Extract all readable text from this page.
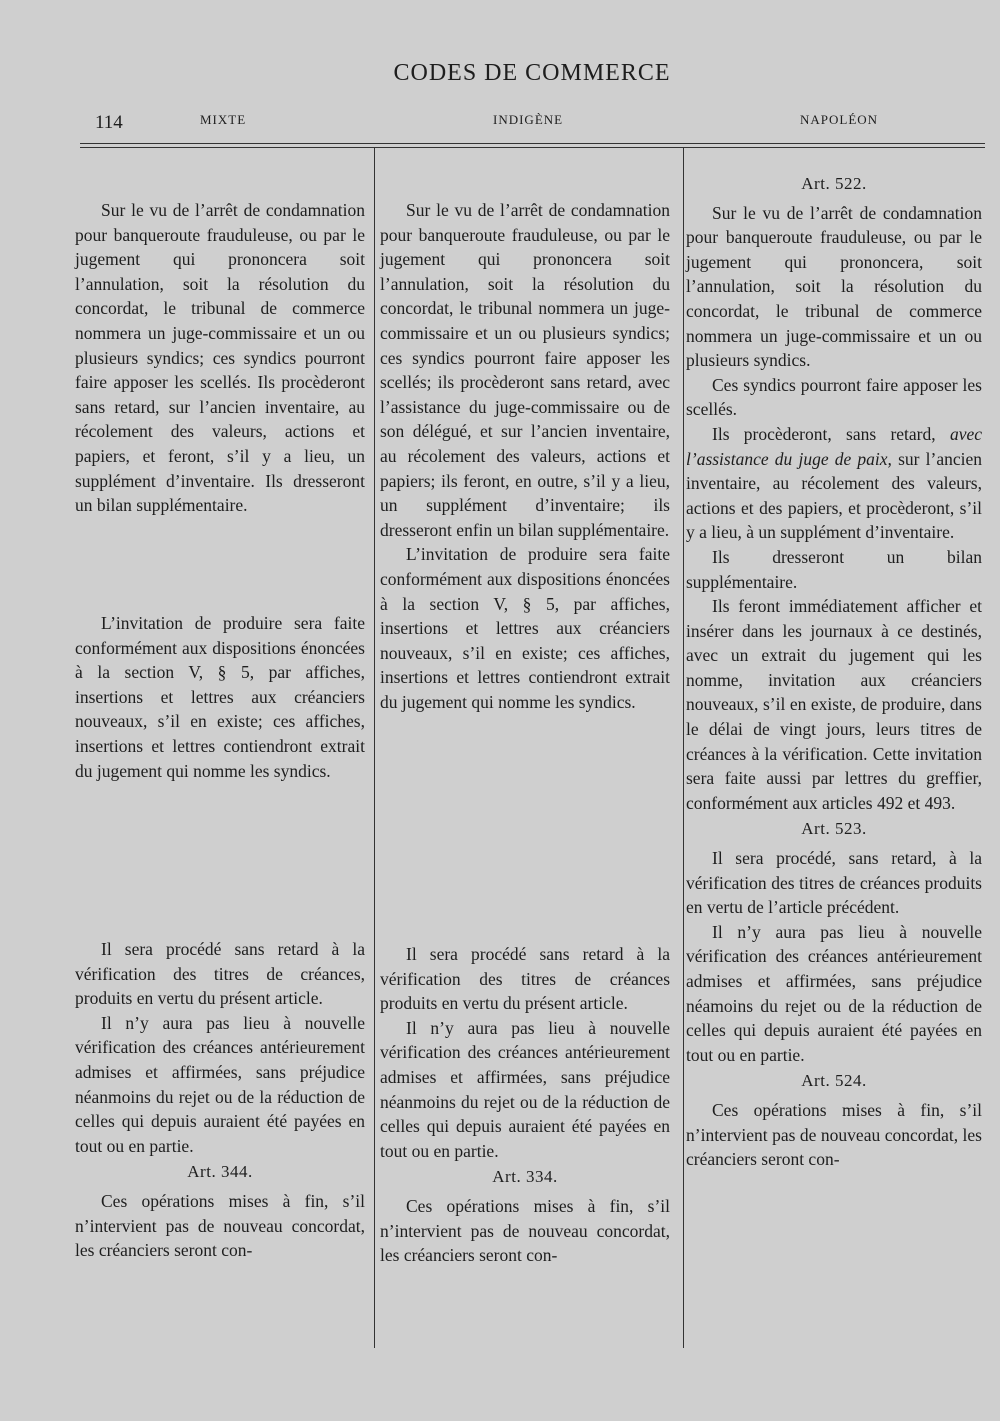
CODES DE COMMERCE
114	MIXTE	INDIGÈNE	NAPOLÉON

Sur le vu de l’arrêt de condamnation pour banqueroute frauduleuse, ou par le jugement qui prononcera soit l’annulation, soit la résolution du concordat, le tribunal de commerce nommera un juge-commissaire et un ou plusieurs syndics; ces syndics pourront faire apposer les scellés. Ils procèderont sans retard, sur l’ancien inventaire, au récolement des valeurs, actions et papiers, et feront, s’il y a lieu, un supplément d’inventaire. Ils dresseront un bilan supplémentaire.

L’invitation de produire sera faite conformément aux dispositions énoncées à la section V, § 5, par affiches, insertions et lettres aux créanciers nouveaux, s’il en existe; ces affiches, insertions et lettres contiendront extrait du jugement qui nomme les syndics.

Il sera procédé sans retard à la vérification des titres de créances, produits en vertu du présent article.

Il n’y aura pas lieu à nouvelle vérification des créances antérieurement admises et affirmées, sans préjudice néanmoins du rejet ou de la réduction de celles qui depuis auraient été payées en tout ou en partie.

Art. 344.

Ces opérations mises à fin, s’il n’intervient pas de nouveau concordat, les créanciers seront con-

Sur le vu de l’arrêt de condamnation pour banqueroute frauduleuse, ou par le jugement qui prononcera soit l’annulation, soit la résolution du concordat, le tribunal nommera un juge-commissaire et un ou plusieurs syndics; ces syndics pourront faire apposer les scellés; ils procèderont sans retard, avec l’assistance du juge-commissaire ou de son délégué, et sur l’ancien inventaire, au récolement des valeurs, actions et papiers; ils feront, en outre, s’il y a lieu, un supplément d’inventaire; ils dresseront enfin un bilan supplémentaire.

L’invitation de produire sera faite conformément aux dispositions énoncées à la section V, § 5, par affiches, insertions et lettres aux créanciers nouveaux, s’il en existe; ces affiches, insertions et lettres contiendront extrait du jugement qui nomme les syndics.

Il sera procédé sans retard à la vérification des titres de créances produits en vertu du présent article.

Il n’y aura pas lieu à nouvelle vérification des créances antérieurement admises et affirmées, sans préjudice néanmoins du rejet ou de la réduction de celles qui depuis auraient été payées en tout ou en partie.

Art. 334.

Ces opérations mises à fin, s’il n’intervient pas de nouveau concordat, les créanciers seront con-

Art. 522.

Sur le vu de l’arrêt de condamnation pour banqueroute frauduleuse, ou par le jugement qui prononcera, soit l’annulation, soit la résolution du concordat, le tribunal de commerce nommera un juge-commissaire et un ou plusieurs syndics.

Ces syndics pourront faire apposer les scellés.

Ils procèderont, sans retard, avec l’assistance du juge de paix, sur l’ancien inventaire, au récolement des valeurs, actions et des papiers, et procèderont, s’il y a lieu, à un supplément d’inventaire.

Ils dresseront un bilan supplémentaire.

Ils feront immédiatement afficher et insérer dans les journaux à ce destinés, avec un extrait du jugement qui les nomme, invitation aux créanciers nouveaux, s’il en existe, de produire, dans le délai de vingt jours, leurs titres de créances à la vérification. Cette invitation sera faite aussi par lettres du greffier, conformément aux articles 492 et 493.

Art. 523.

Il sera procédé, sans retard, à la vérification des titres de créances produits en vertu de l’article précédent.

Il n’y aura pas lieu à nouvelle vérification des créances antérieurement admises et affirmées, sans préjudice néamoins du rejet ou de la réduction de celles qui depuis auraient été payées en tout ou en partie.

Art. 524.

Ces opérations mises à fin, s’il n’intervient pas de nouveau concordat, les créanciers seront con-
